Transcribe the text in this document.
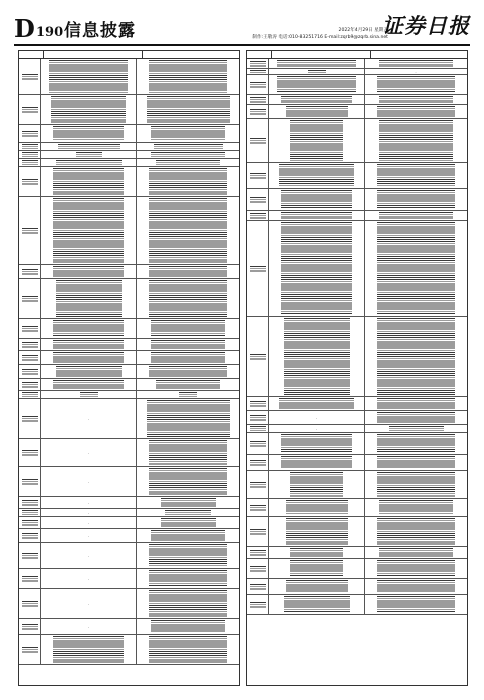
D 190 信息披露	2022年4月29日 星期五
制作:王敬涛 电话:010-83251716 E-mail:zqrb9@zqrb.sina.net
证券日报
-
-
-
-
-
-
-
-
-
-
-
-
-
-
